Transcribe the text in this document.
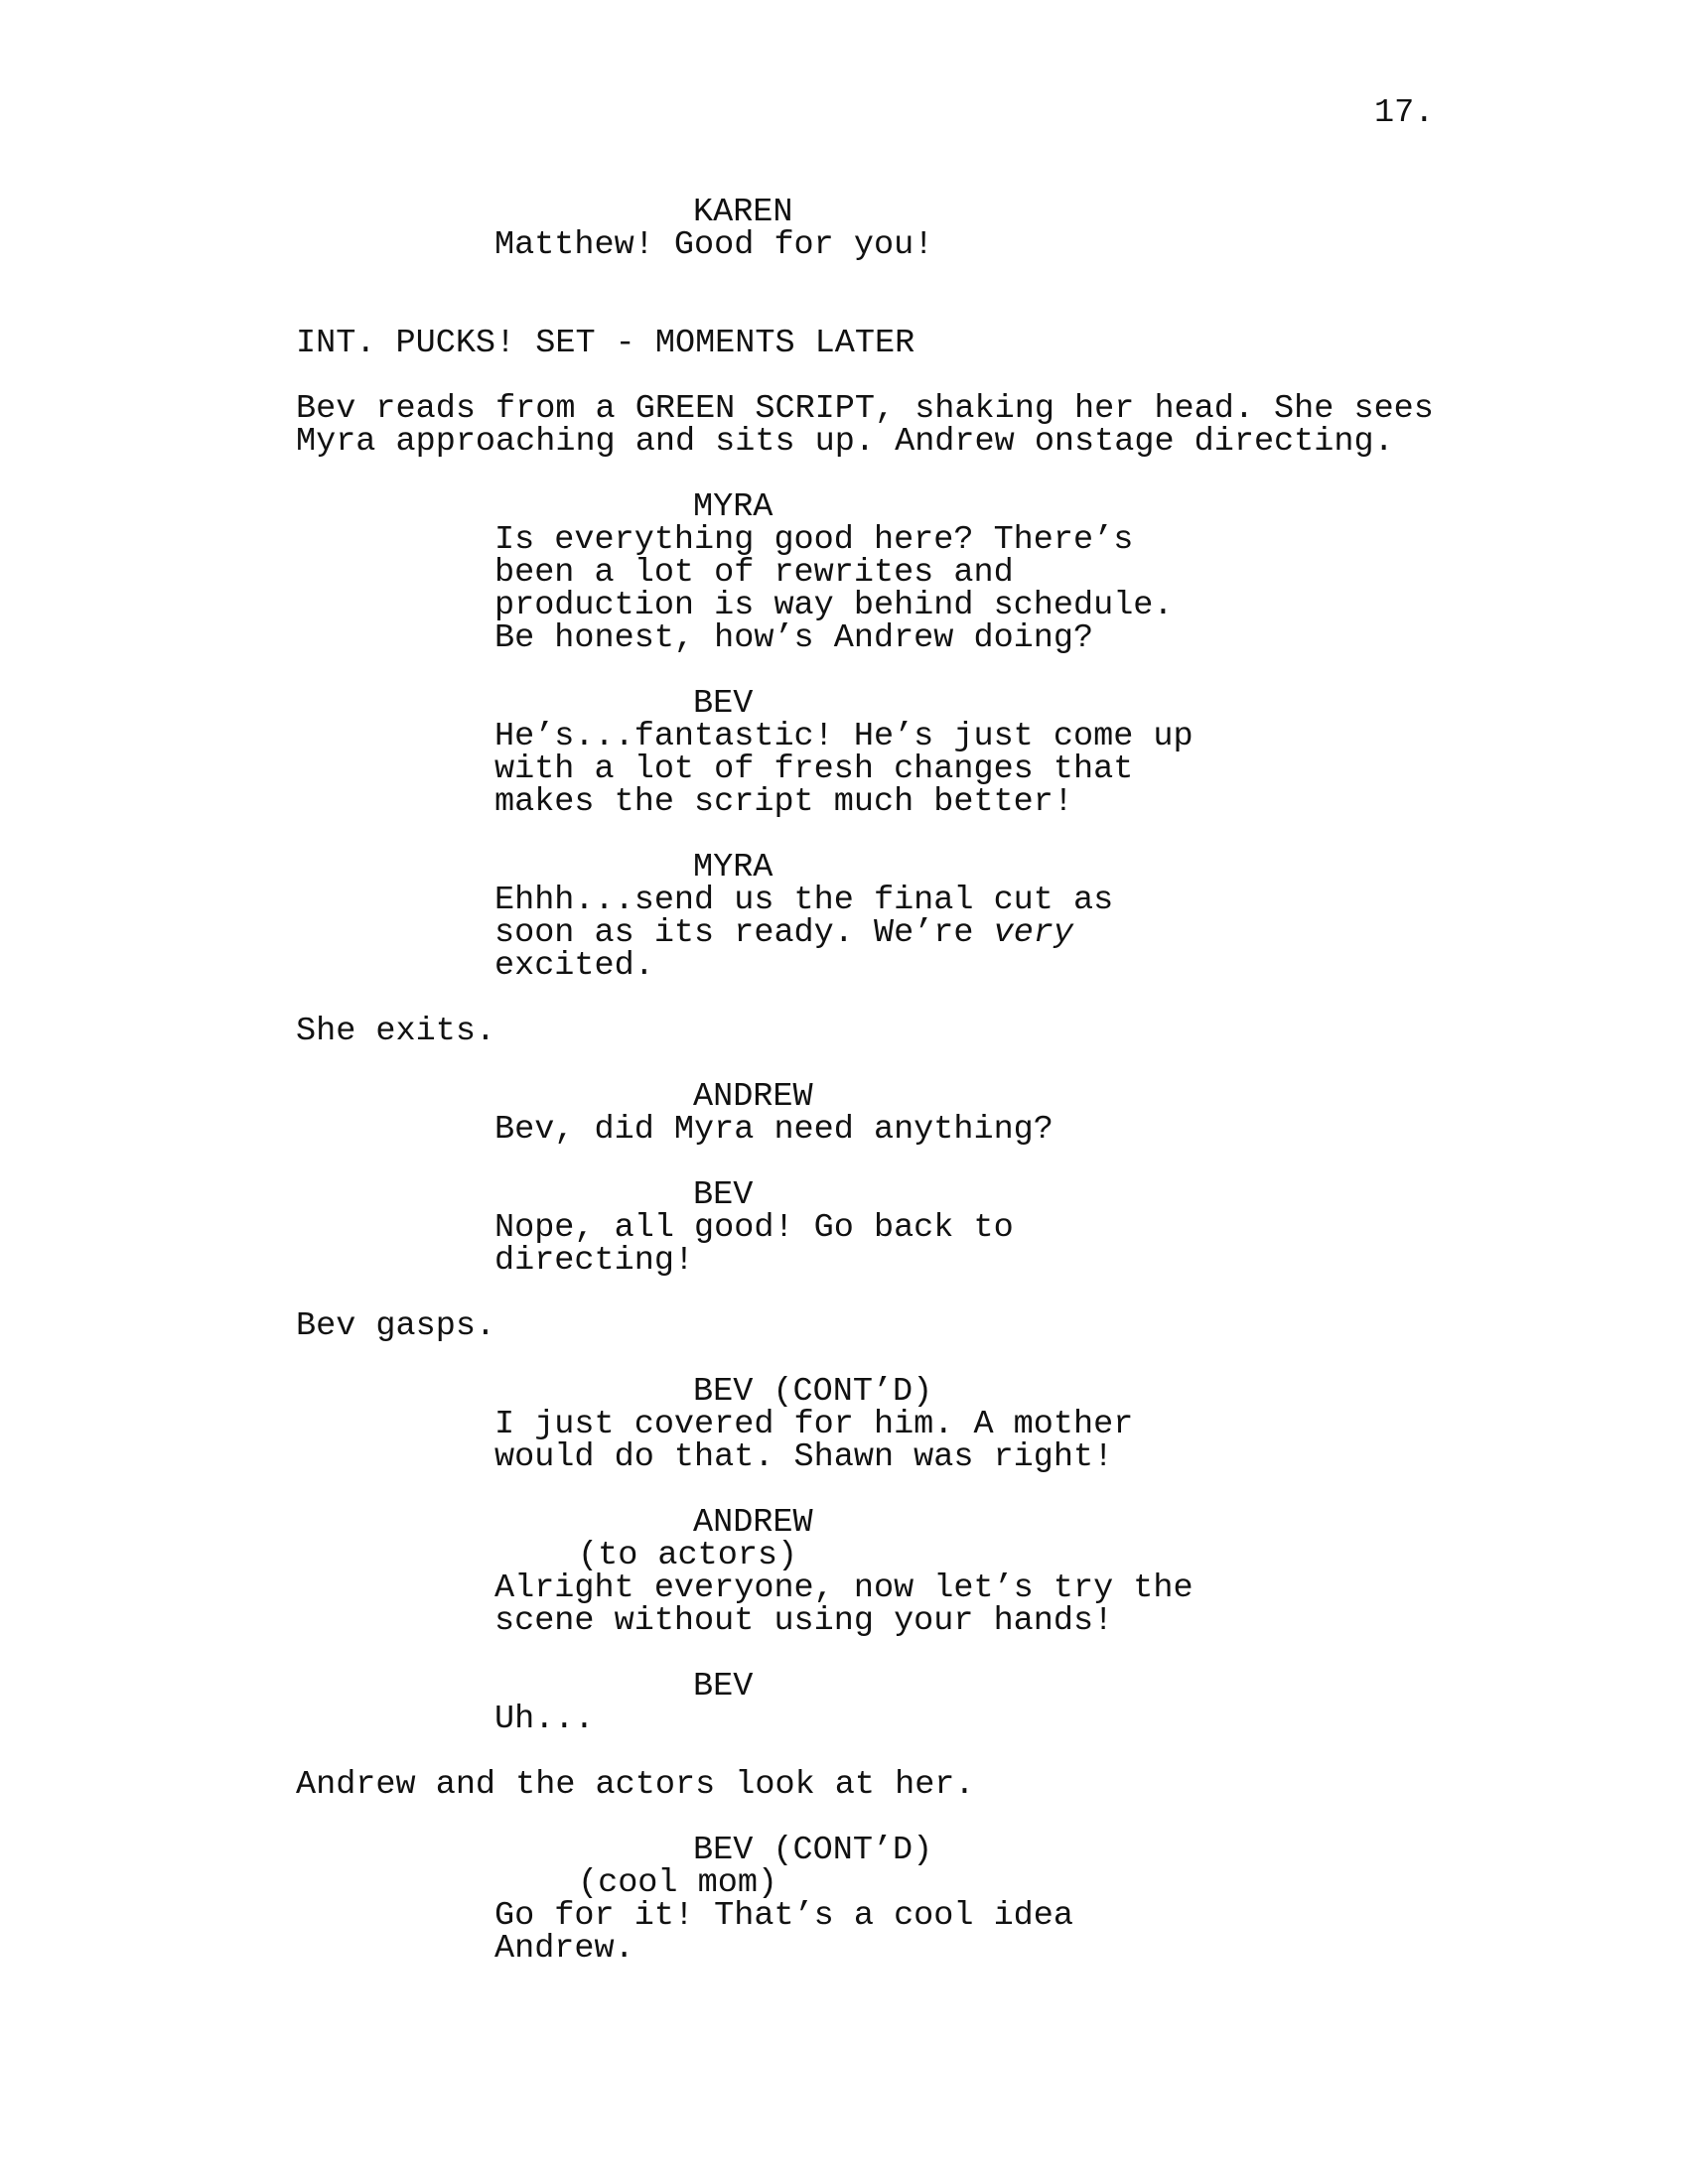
17.
KAREN
Matthew! Good for you!
INT. PUCKS! SET - MOMENTS LATER
Bev reads from a GREEN SCRIPT, shaking her head. She sees
Myra approaching and sits up. Andrew onstage directing.
MYRA
Is everything good here? There’s
been a lot of rewrites and
production is way behind schedule.
Be honest, how’s Andrew doing?
BEV
He’s...fantastic! He’s just come up
with a lot of fresh changes that
makes the script much better!
MYRA
Ehhh...send us the final cut as
soon as its ready. We’re very
excited.
She exits.
ANDREW
Bev, did Myra need anything?
BEV
Nope, all good! Go back to
directing!
Bev gasps.
BEV (CONT’D)
I just covered for him. A mother
would do that. Shawn was right!
ANDREW
(to actors)
Alright everyone, now let’s try the
scene without using your hands!
BEV
Uh...
Andrew and the actors look at her.
BEV (CONT’D)
(cool mom)
Go for it! That’s a cool idea
Andrew.
